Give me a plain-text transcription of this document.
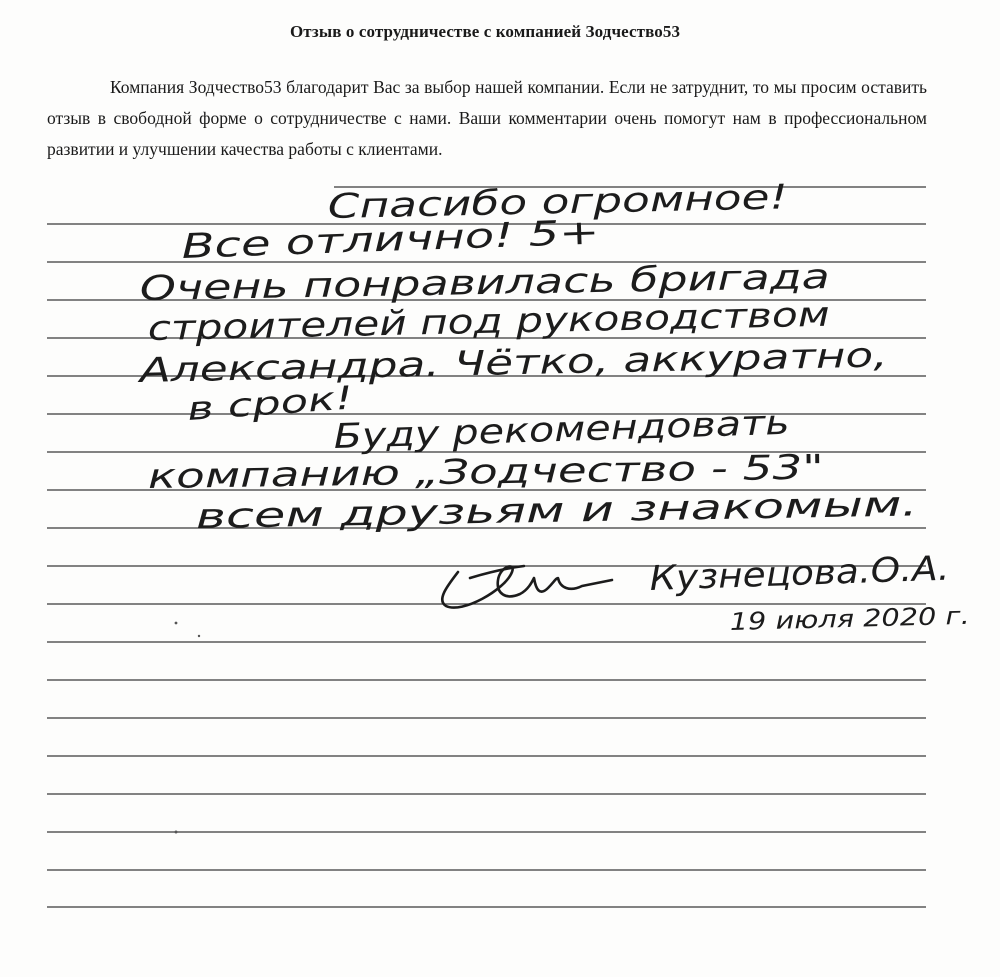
Отзыв о сотрудничестве с компанией Зодчество53
Компания Зодчество53 благодарит Вас за выбор нашей компании. Если не затруднит, то мы просим оставить отзыв в свободной форме о сотрудничестве с нами. Ваши комментарии очень помогут нам в профессиональном развитии и улучшении качества работы с клиентами.
Спасибо огромное!
Все отлично! 5+
Очень понравилась бригада
строителей под руководством
Александра. Чётко, аккуратно,
в срок!
Буду рекомендовать
компанию „Зодчество - 53"
всем друзьям и знакомым.
Кузнецова.О.А.
19 июля 2020 г.
